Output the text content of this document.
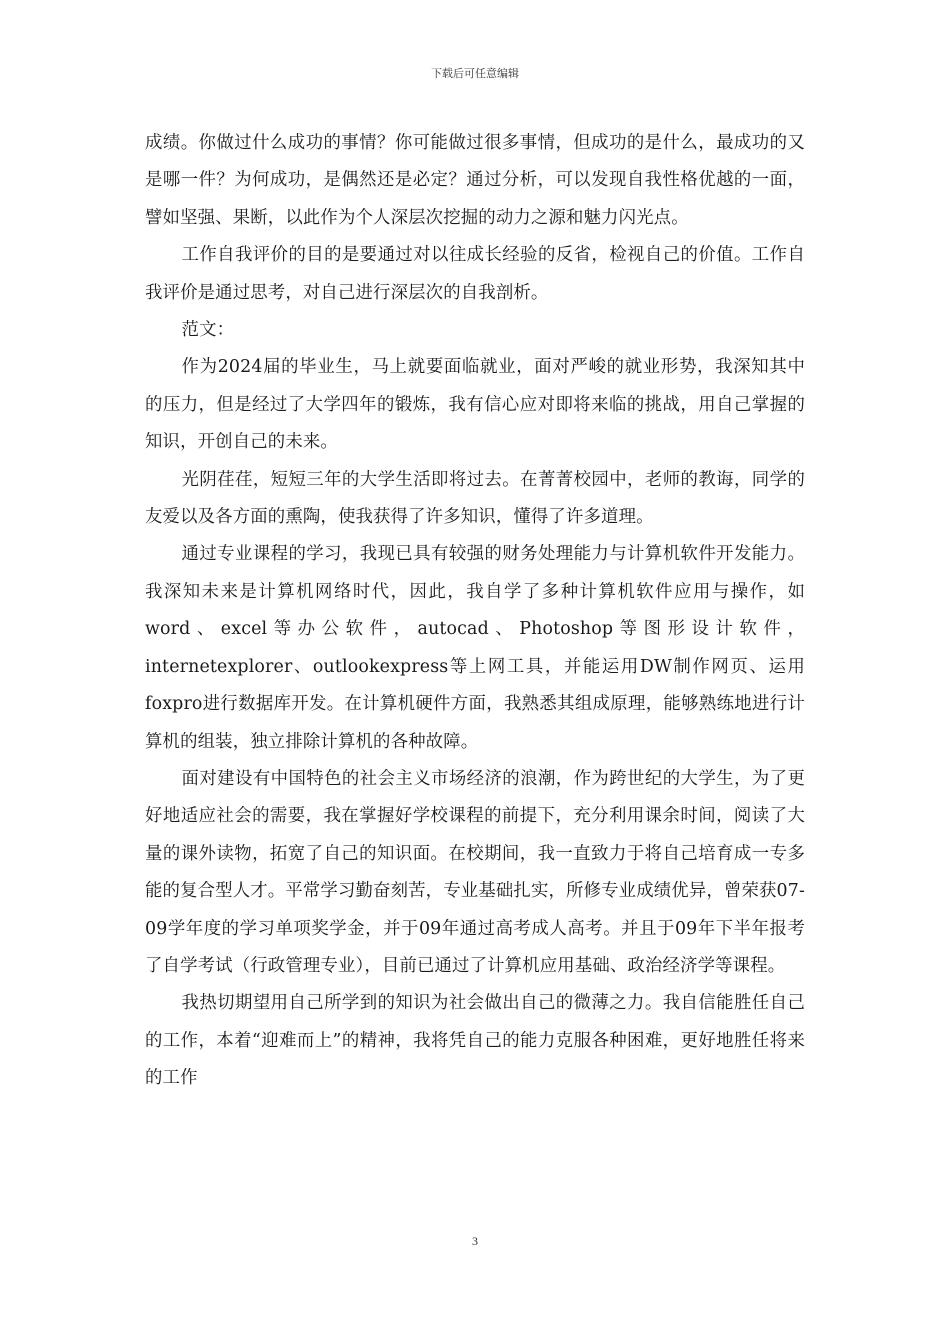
下载后可任意编辑

成绩。你做过什么成功的事情？你可能做过很多事情，但成功的是什么，最成功的又是哪一件？为何成功，是偶然还是必定？通过分析，可以发现自我性格优越的一面，譬如坚强、果断，以此作为个人深层次挖掘的动力之源和魅力闪光点。

工作自我评价的目的是要通过对以往成长经验的反省，检视自己的价值。工作自我评价是通过思考，对自己进行深层次的自我剖析。

范文：

作为2024届的毕业生，马上就要面临就业，面对严峻的就业形势，我深知其中的压力，但是经过了大学四年的锻炼，我有信心应对即将来临的挑战，用自己掌握的知识，开创自己的未来。

光阴荏荏，短短三年的大学生活即将过去。在菁菁校园中，老师的教诲，同学的友爱以及各方面的熏陶，使我获得了许多知识，懂得了许多道理。

通过专业课程的学习，我现已具有较强的财务处理能力与计算机软件开发能力。我深知未来是计算机网络时代，因此，我自学了多种计算机软件应用与操作，如word、excel等办公软件，autocad、Photoshop等图形设计软件，internetexplorer、outlookexpress等上网工具，并能运用DW制作网页、运用foxpro进行数据库开发。在计算机硬件方面，我熟悉其组成原理，能够熟练地进行计算机的组装，独立排除计算机的各种故障。

面对建设有中国特色的社会主义市场经济的浪潮，作为跨世纪的大学生，为了更好地适应社会的需要，我在掌握好学校课程的前提下，充分利用课余时间，阅读了大量的课外读物，拓宽了自己的知识面。在校期间，我一直致力于将自己培育成一专多能的复合型人才。平常学习勤奋刻苦，专业基础扎实，所修专业成绩优异，曾荣获07-09学年度的学习单项奖学金，并于09年通过高考成人高考。并且于09年下半年报考了自学考试（行政管理专业），目前已通过了计算机应用基础、政治经济学等课程。

我热切期望用自己所学到的知识为社会做出自己的微薄之力。我自信能胜任自己的工作，本着“迎难而上”的精神，我将凭自己的能力克服各种困难，更好地胜任将来的工作

3
